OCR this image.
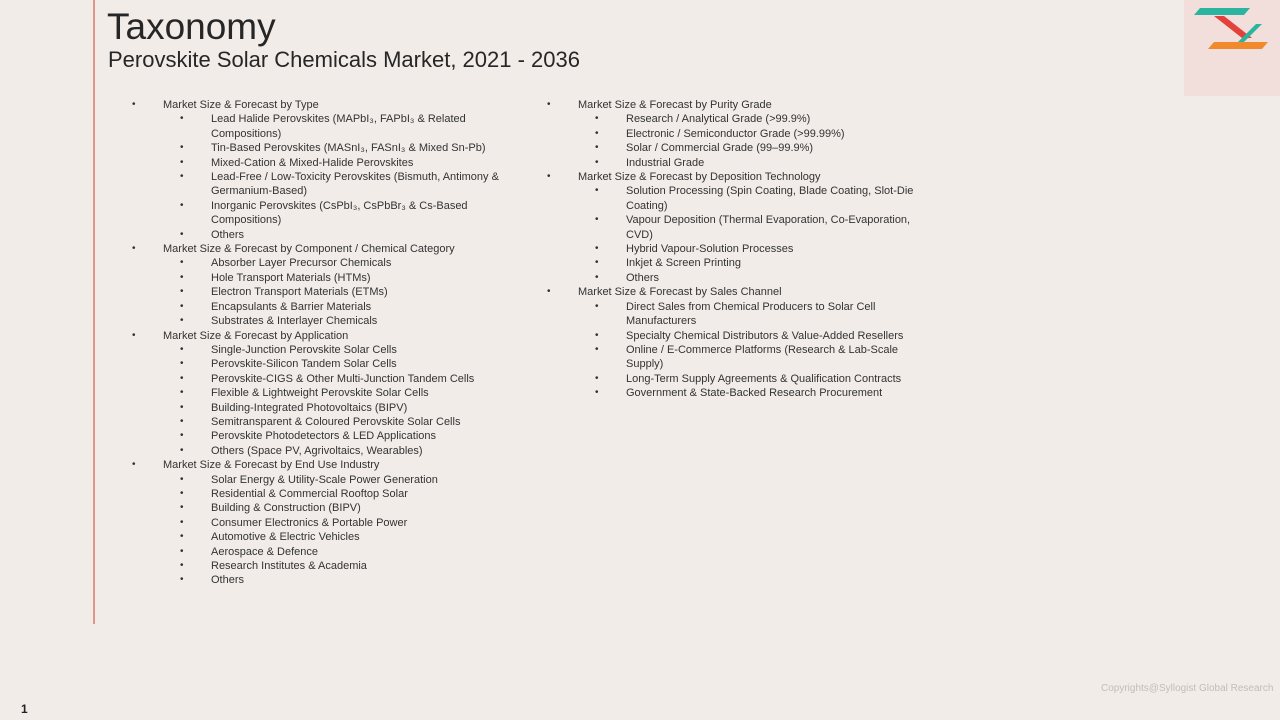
Taxonomy
Perovskite Solar Chemicals Market, 2021 - 2036
• Market Size & Forecast by Type
• Lead Halide Perovskites (MAPbI₃, FAPbI₃ & Related Compositions)
• Tin-Based Perovskites (MASnI₃, FASnI₃ & Mixed Sn-Pb)
• Mixed-Cation & Mixed-Halide Perovskites
• Lead-Free / Low-Toxicity Perovskites (Bismuth, Antimony & Germanium-Based)
• Inorganic Perovskites (CsPbI₃, CsPbBr₃ & Cs-Based Compositions)
• Others
• Market Size & Forecast by Component / Chemical Category
• Absorber Layer Precursor Chemicals
• Hole Transport Materials (HTMs)
• Electron Transport Materials (ETMs)
• Encapsulants & Barrier Materials
• Substrates & Interlayer Chemicals
• Market Size & Forecast by Application
• Single-Junction Perovskite Solar Cells
• Perovskite-Silicon Tandem Solar Cells
• Perovskite-CIGS & Other Multi-Junction Tandem Cells
• Flexible & Lightweight Perovskite Solar Cells
• Building-Integrated Photovoltaics (BIPV)
• Semitransparent & Coloured Perovskite Solar Cells
• Perovskite Photodetectors & LED Applications
• Others (Space PV, Agrivoltaics, Wearables)
• Market Size & Forecast by End Use Industry
• Solar Energy & Utility-Scale Power Generation
• Residential & Commercial Rooftop Solar
• Building & Construction (BIPV)
• Consumer Electronics & Portable Power
• Automotive & Electric Vehicles
• Aerospace & Defence
• Research Institutes & Academia
• Others
• Market Size & Forecast by Purity Grade
• Research / Analytical Grade (>99.9%)
• Electronic / Semiconductor Grade (>99.99%)
• Solar / Commercial Grade (99–99.9%)
• Industrial Grade
• Market Size & Forecast by Deposition Technology
• Solution Processing (Spin Coating, Blade Coating, Slot-Die Coating)
• Vapour Deposition (Thermal Evaporation, Co-Evaporation, CVD)
• Hybrid Vapour-Solution Processes
• Inkjet & Screen Printing
• Others
• Market Size & Forecast by Sales Channel
• Direct Sales from Chemical Producers to Solar Cell Manufacturers
• Specialty Chemical Distributors & Value-Added Resellers
• Online / E-Commerce Platforms (Research & Lab-Scale Supply)
• Long-Term Supply Agreements & Qualification Contracts
• Government & State-Backed Research Procurement
Copyrights@Syllogist Global Research
1
